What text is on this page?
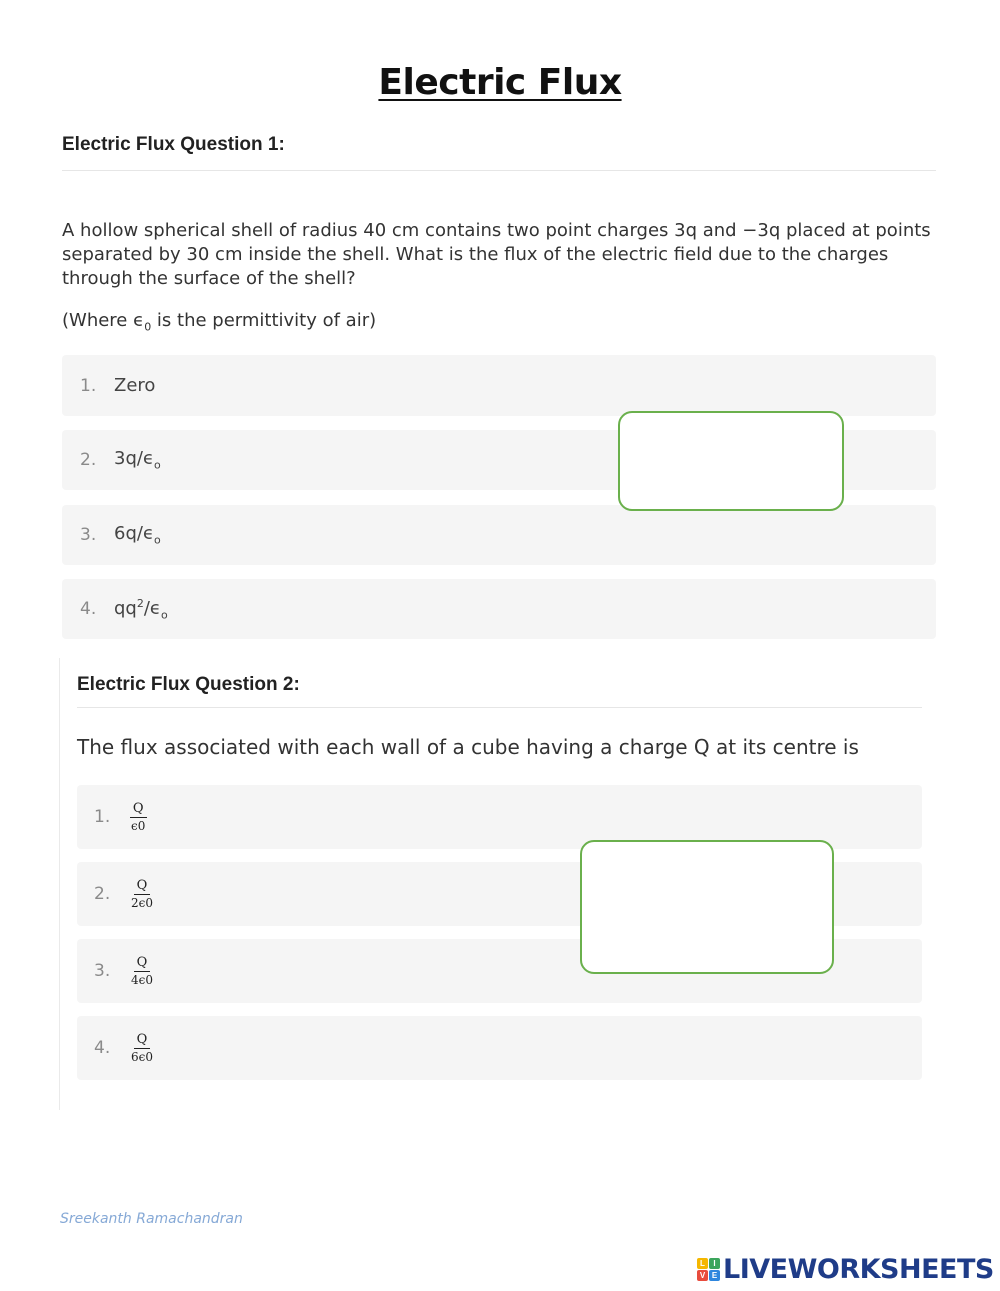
Electric Flux
Electric Flux Question 1:
A hollow spherical shell of radius 40 cm contains two point charges 3q and −3q placed at points
separated by 30 cm inside the shell. What is the flux of the electric field due to the charges
through the surface of the shell?
(Where $\epsilon_0$ is the permittivity of air)
1. Zero
2. $3q/\epsilon_o$
3. $6q/\epsilon_o$
4. $qq^2/\epsilon_o$
Electric Flux Question 2:
The flux associated with each wall of a cube having a charge Q at its centre is
1.	$\frac{Q}{\epsilon 0}$
2.	$\frac{Q}{2\epsilon 0}$
3.	$\frac{Q}{4\epsilon 0}$
4.	$\frac{Q}{6\epsilon 0}$
Sreekanth Ramachandran
L	I
V E LIVEWORKSHEETS
